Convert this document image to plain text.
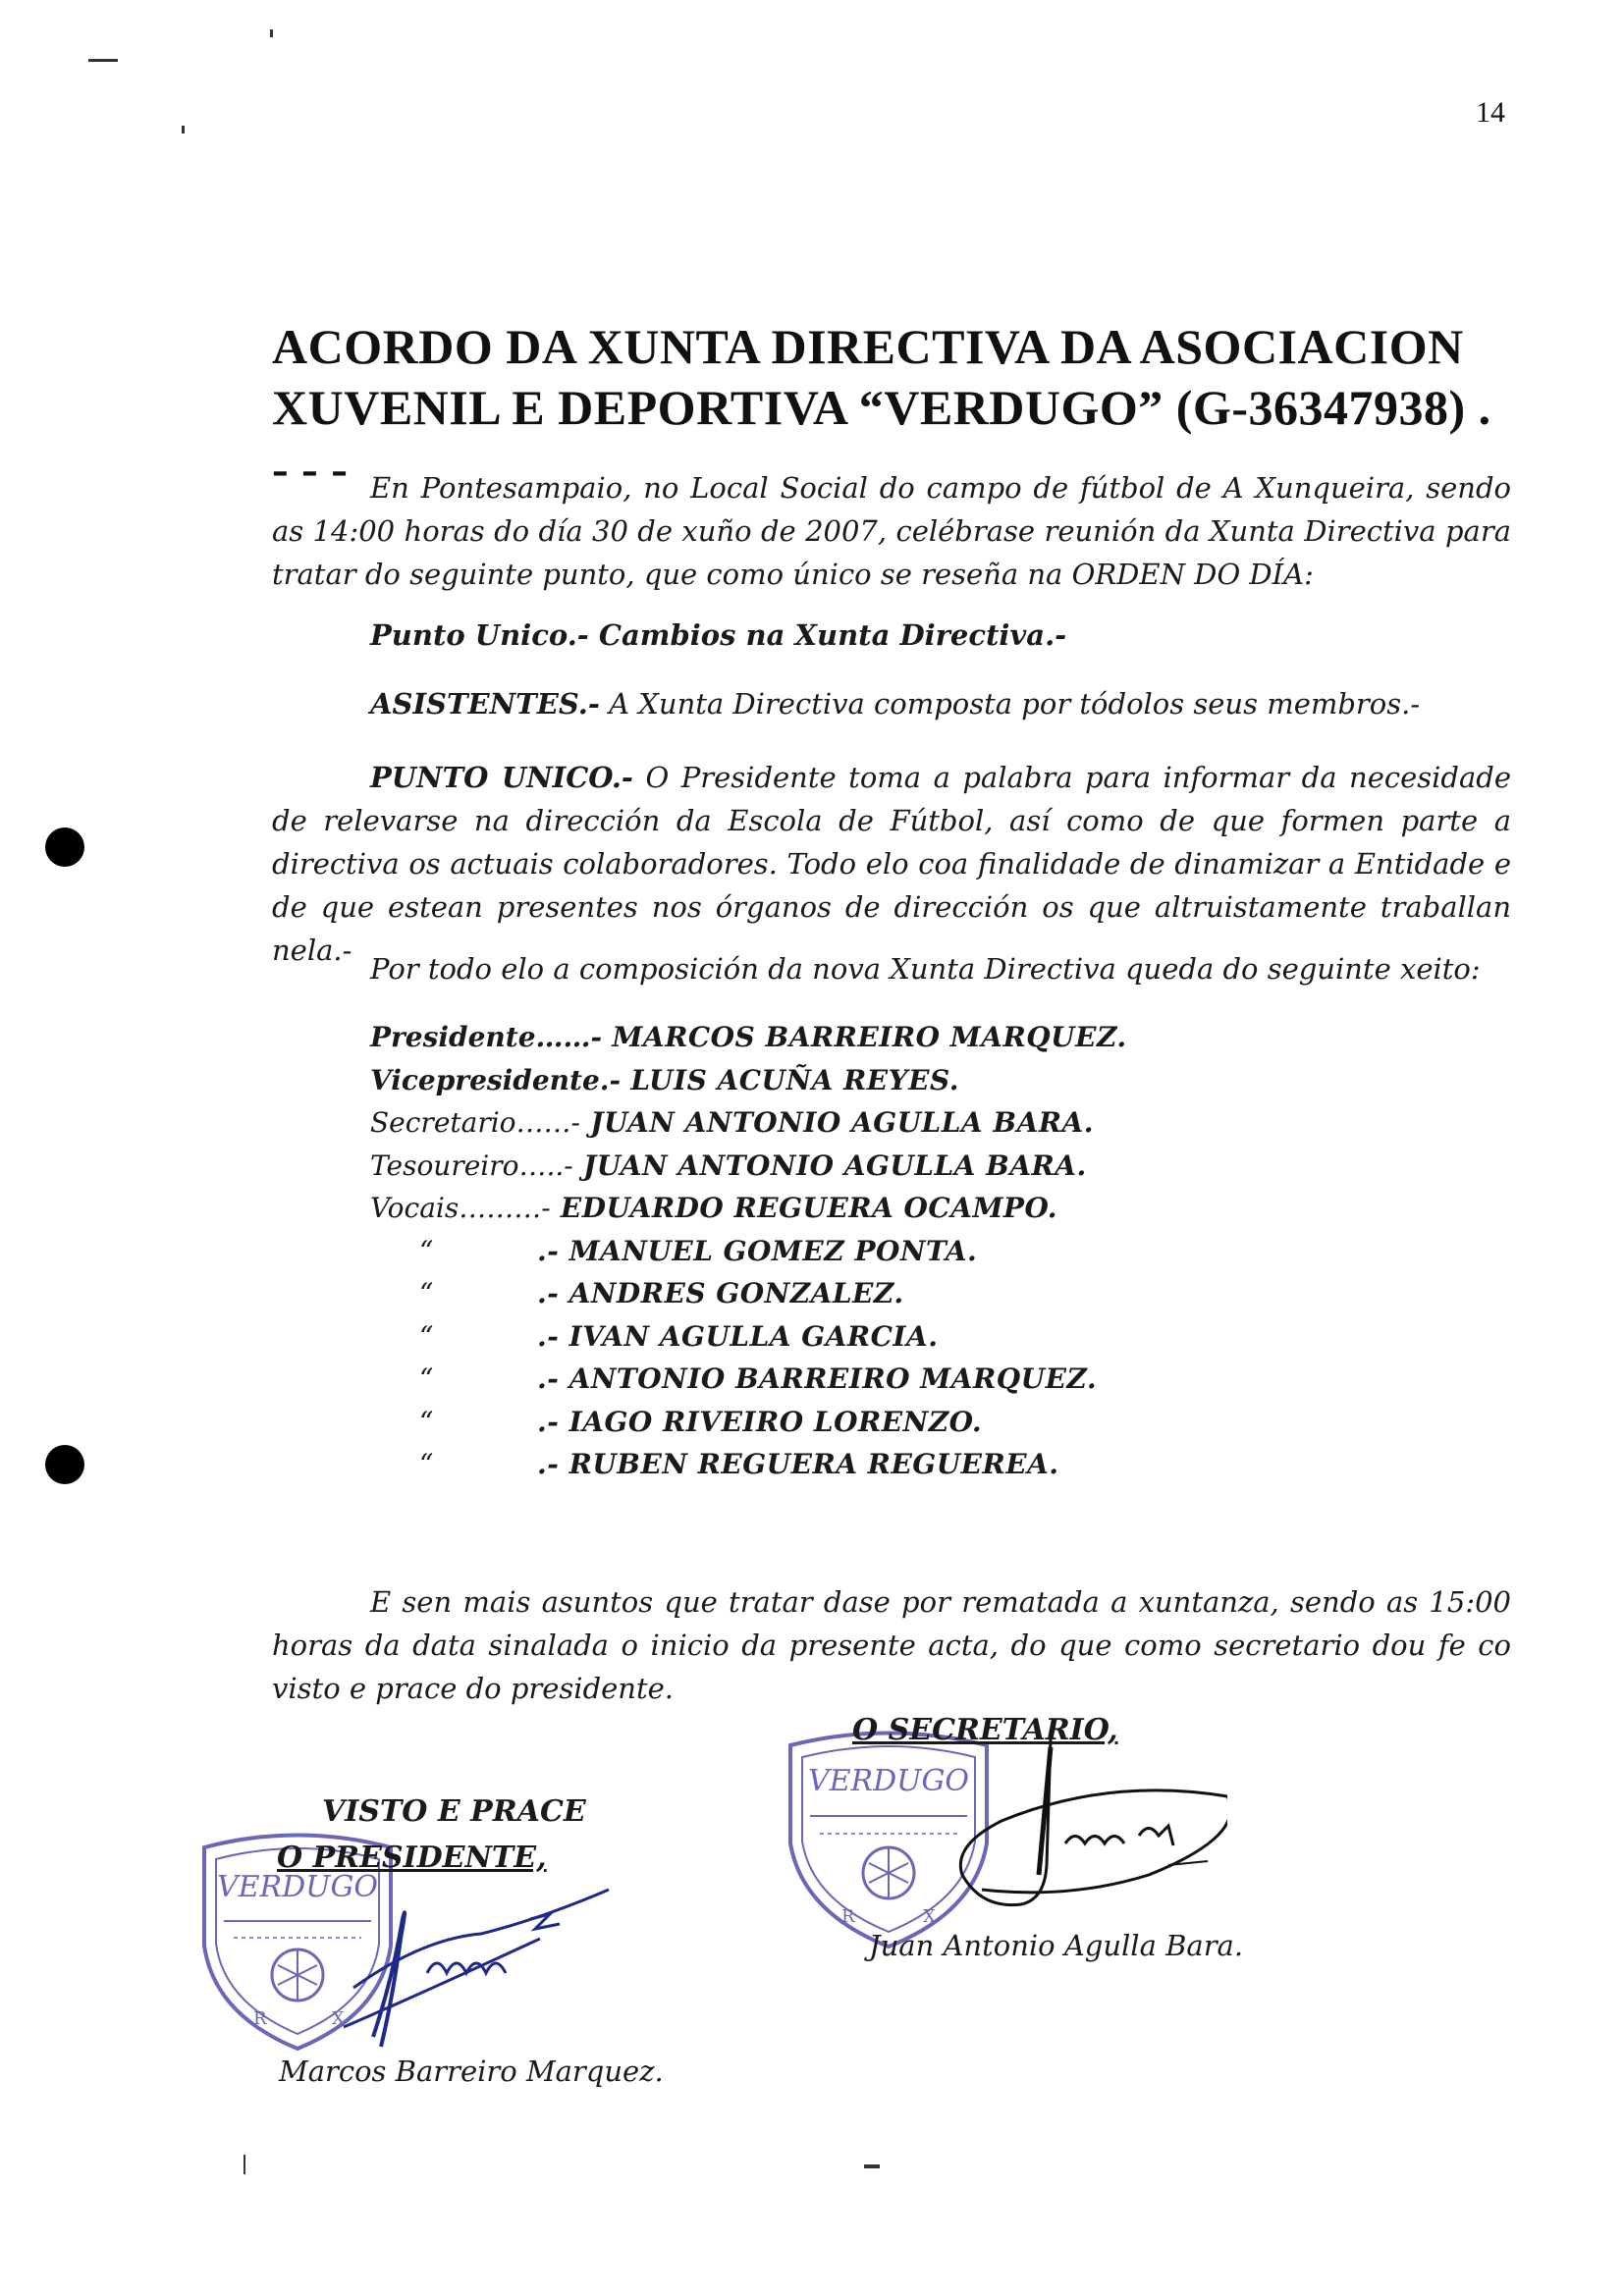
14
ACORDO DA XUNTA DIRECTIVA DA ASOCIACION XUVENIL E DEPORTIVA “VERDUGO” (G-36347938) . - - - En Pontesampaio, no Local Social do campo de fútbol de A Xunqueira, sendo as 14:00 horas do día 30 de xuño de 2007, celébrase reunión da Xunta Directiva para tratar do seguinte punto, que como único se reseña na ORDEN DO DÍA:
Punto Unico.- Cambios na Xunta Directiva.-
ASISTENTES.- A Xunta Directiva composta por tódolos seus membros.-
PUNTO UNICO.- O Presidente toma a palabra para informar da necesidade de relevarse na dirección da Escola de Fútbol, así como de que formen parte a directiva os actuais colaboradores. Todo elo coa finalidade de dinamizar a Entidade e de que estean presentes nos órganos de dirección os que altruistamente traballan nela.-
Por todo elo a composición da nova Xunta Directiva queda do seguinte xeito:
Presidente……- MARCOS BARREIRO MARQUEZ.
Vicepresidente.- LUIS ACUÑA REYES.
Secretario……- JUAN ANTONIO AGULLA BARA.
Tesoureiro…..- JUAN ANTONIO AGULLA BARA.
Vocais………- EDUARDO REGUERA OCAMPO.
“	.- MANUEL GOMEZ PONTA.
“	.- ANDRES GONZALEZ.
“	.- IVAN AGULLA GARCIA.
“	.- ANTONIO BARREIRO MARQUEZ.
“	.- IAGO RIVEIRO LORENZO.
“	.- RUBEN REGUERA REGUEREA.
E sen mais asuntos que tratar dase por rematada a xuntanza, sendo as 15:00 horas da data sinalada o inicio da presente acta, do que como secretario dou fe co visto e prace do presidente.
VERDUGO
R	X
VERDUGO
R	X
O SECRETARIO,
Juan Antonio Agulla Bara.
VISTO E PRACE
O PRESIDENTE,
Marcos Barreiro Marquez.
